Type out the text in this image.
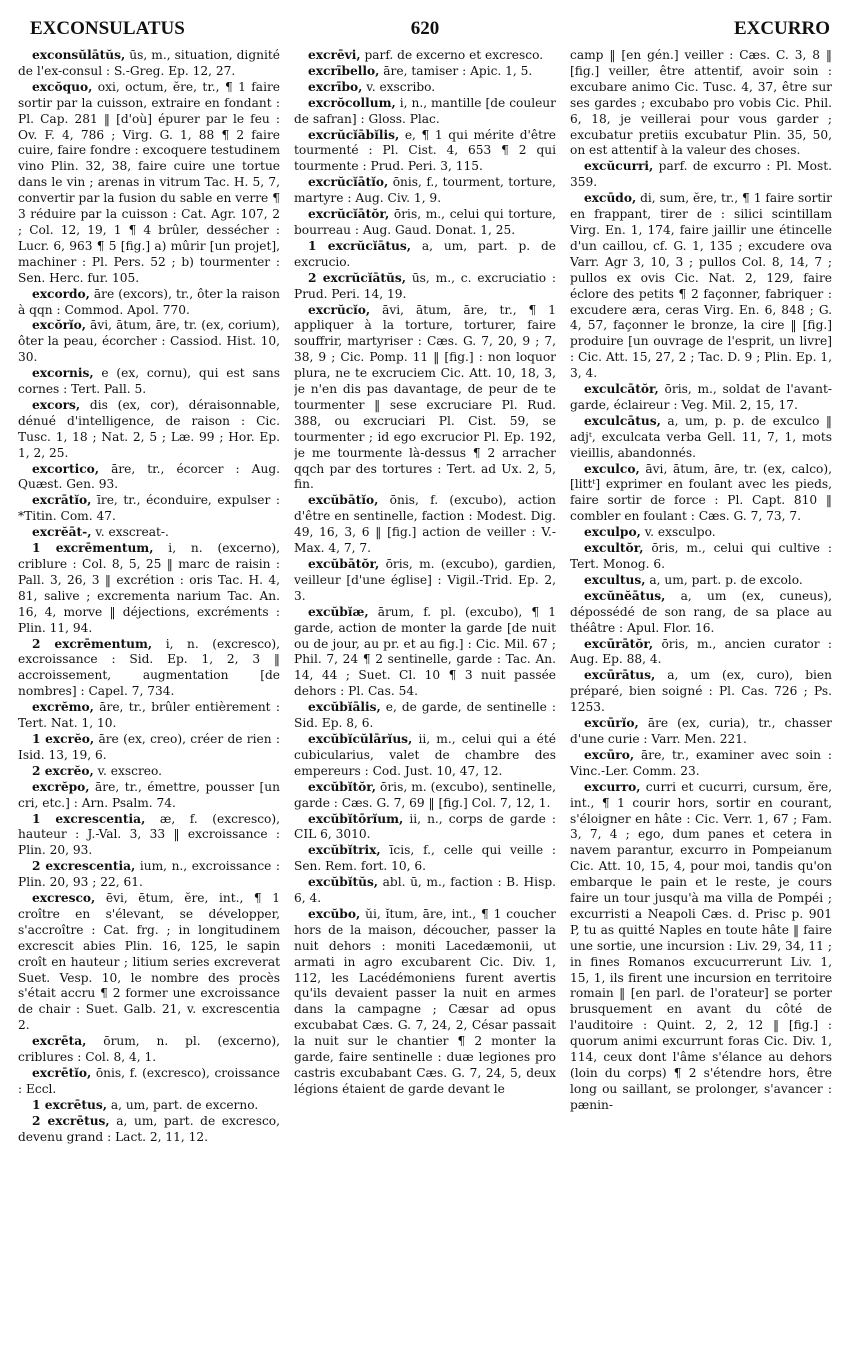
EXCONSULATUS	620	EXCURRO

exconsŭlātŭs, ūs, m., situation, dignité de l'ex-consul : S.-Greg. Ep. 12, 27.

excŏquo, oxi, octum, ĕre, tr., ¶ 1 faire sortir par la cuisson, extraire en fondant : Pl. Cap. 281 ‖ [d'où] épurer par le feu : Ov. F. 4, 786 ; Virg. G. 1, 88 ¶ 2 faire cuire, faire fondre : excoquere testudinem vino Plin. 32, 38, faire cuire une tortue dans le vin ; arenas in vitrum Tac. H. 5, 7, convertir par la fusion du sable en verre ¶ 3 réduire par la cuisson : Cat. Agr. 107, 2 ; Col. 12, 19, 1 ¶ 4 brûler, dessécher : Lucr. 6, 963 ¶ 5 [fig.] a) mûrir [un projet], machiner : Pl. Pers. 52 ; b) tourmenter : Sen. Herc. fur. 105.

excordo, āre (excors), tr., ôter la raison à qqn : Commod. Apol. 770.

excŏrĭo, āvi, ātum, āre, tr. (ex, corium), ôter la peau, écorcher : Cassiod. Hist. 10, 30.

excornis, e (ex, cornu), qui est sans cornes : Tert. Pall. 5.

excors, dis (ex, cor), déraisonnable, dénué d'intelligence, de raison : Cic. Tusc. 1, 18 ; Nat. 2, 5 ; Læ. 99 ; Hor. Ep. 1, 2, 25.

excortico, āre, tr., écorcer : Aug. Quæst. Gen. 93.

excrātĭo, īre, tr., éconduire, expulser : *Titin. Com. 47.

excrĕāt-, v. exscreat-.

1 excrēmentum, i, n. (excerno), criblure : Col. 8, 5, 25 ‖ marc de raisin : Pall. 3, 26, 3 ‖ excrétion : oris Tac. H. 4, 81, salive ; excrementa narium Tac. An. 16, 4, morve ‖ déjections, excréments : Plin. 11, 94.

2 excrēmentum, i, n. (excresco), excroissance : Sid. Ep. 1, 2, 3 ‖ accroissement, augmentation [de nombres] : Capel. 7, 734.

excrĕmo, āre, tr., brûler entièrement : Tert. Nat. 1, 10.

1 excrĕo, āre (ex, creo), créer de rien : Isid. 13, 19, 6.

2 excrĕo, v. exscreo.

excrĕpo, āre, tr., émettre, pousser [un cri, etc.] : Arn. Psalm. 74.

1 excrescentia, æ, f. (excresco), hauteur : J.-Val. 3, 33 ‖ excroissance : Plin. 20, 93.

2 excrescentia, ium, n., excroissance : Plin. 20, 93 ; 22, 61.

excresco, ēvi, ētum, ĕre, int., ¶ 1 croître en s'élevant, se développer, s'accroître : Cat. frg. ; in longitudinem excrescit abies Plin. 16, 125, le sapin croît en hauteur ; litium series excreverat Suet. Vesp. 10, le nombre des procès s'était accru ¶ 2 former une excroissance de chair : Suet. Galb. 21, v. excrescentia 2.

excrēta, ōrum, n. pl. (excerno), criblures : Col. 8, 4, 1.

excrētĭo, ōnis, f. (excresco), croissance : Eccl.

1 excrētus, a, um, part. de excerno.

2 excrētus, a, um, part. de excresco, devenu grand : Lact. 2, 11, 12.

excrēvi, parf. de excerno et excresco.

excrībello, āre, tamiser : Apic. 1, 5.

excrībo, v. exscribo.

excrŏcollum, i, n., mantille [de couleur de safran] : Gloss. Plac.

excrŭcĭābĭlis, e, ¶ 1 qui mérite d'être tourmenté : Pl. Cist. 4, 653 ¶ 2 qui tourmente : Prud. Peri. 3, 115.

excrŭcĭātĭo, ōnis, f., tourment, torture, martyre : Aug. Civ. 1, 9.

excrŭcĭātŏr, ōris, m., celui qui torture, bourreau : Aug. Gaud. Donat. 1, 25.

1 excrŭcĭātus, a, um, part. p. de excrucio.

2 excrŭcĭātŭs, ūs, m., c. excruciatio : Prud. Peri. 14, 19.

excrŭcĭo, āvi, ātum, āre, tr., ¶ 1 appliquer à la torture, torturer, faire souffrir, martyriser : Cæs. G. 7, 20, 9 ; 7, 38, 9 ; Cic. Pomp. 11 ‖ [fig.] : non loquor plura, ne te excruciem Cic. Att. 10, 18, 3, je n'en dis pas davantage, de peur de te tourmenter ‖ sese excruciare Pl. Rud. 388, ou excruciari Pl. Cist. 59, se tourmenter ; id ego excrucior Pl. Ep. 192, je me tourmente là-dessus ¶ 2 arracher qqch par des tortures : Tert. ad Ux. 2, 5, fin.

excŭbātĭo, ōnis, f. (excubo), action d'être en sentinelle, faction : Modest. Dig. 49, 16, 3, 6 ‖ [fig.] action de veiller : V.-Max. 4, 7, 7.

excŭbātŏr, ōris, m. (excubo), gardien, veilleur [d'une église] : Vigil.-Trid. Ep. 2, 3.

excŭbĭæ, ārum, f. pl. (excubo), ¶ 1 garde, action de monter la garde [de nuit ou de jour, au pr. et au fig.] : Cic. Mil. 67 ; Phil. 7, 24 ¶ 2 sentinelle, garde : Tac. An. 14, 44 ; Suet. Cl. 10 ¶ 3 nuit passée dehors : Pl. Cas. 54.

excŭbĭālis, e, de garde, de sentinelle : Sid. Ep. 8, 6.

excŭbĭcŭlārĭus, ii, m., celui qui a été cubicularius, valet de chambre des empereurs : Cod. Just. 10, 47, 12.

excŭbĭtŏr, ōris, m. (excubo), sentinelle, garde : Cæs. G. 7, 69 ‖ [fig.] Col. 7, 12, 1.

excŭbĭtōrĭum, ii, n., corps de garde : CIL 6, 3010.

excŭbĭtrix, īcis, f., celle qui veille : Sen. Rem. fort. 10, 6.

excŭbĭtŭs, abl. ū, m., faction : B. Hisp. 6, 4.

excŭbo, ŭi, ĭtum, āre, int., ¶ 1 coucher hors de la maison, découcher, passer la nuit dehors : moniti Lacedæmonii, ut armati in agro excubarent Cic. Div. 1, 112, les Lacédémoniens furent avertis qu'ils devaient passer la nuit en armes dans la campagne ; Cæsar ad opus excubabat Cæs. G. 7, 24, 2, César passait la nuit sur le chantier ¶ 2 monter la garde, faire sentinelle : duæ legiones pro castris excubabant Cæs. G. 7, 24, 5, deux légions étaient de garde devant le

camp ‖ [en gén.] veiller : Cæs. C. 3, 8 ‖ [fig.] veiller, être attentif, avoir soin : excubare animo Cic. Tusc. 4, 37, être sur ses gardes ; excubabo pro vobis Cic. Phil. 6, 18, je veillerai pour vous garder ; excubatur pretiis excubatur Plin. 35, 50, on est attentif à la valeur des choses.

excŭcurri, parf. de excurro : Pl. Most. 359.

excūdo, di, sum, ĕre, tr., ¶ 1 faire sortir en frappant, tirer de : silici scintillam Virg. En. 1, 174, faire jaillir une étincelle d'un caillou, cf. G. 1, 135 ; excudere ova Varr. Agr 3, 10, 3 ; pullos Col. 8, 14, 7 ; pullos ex ovis Cic. Nat. 2, 129, faire éclore des petits ¶ 2 façonner, fabriquer : excudere æra, ceras Virg. En. 6, 848 ; G. 4, 57, façonner le bronze, la cire ‖ [fig.] produire [un ouvrage de l'esprit, un livre] : Cic. Att. 15, 27, 2 ; Tac. D. 9 ; Plin. Ep. 1, 3, 4.

exculcātŏr, ōris, m., soldat de l'avant-garde, éclaireur : Veg. Mil. 2, 15, 17.

exculcātus, a, um, p. p. de exculco ‖ adjᵗ, exculcata verba Gell. 11, 7, 1, mots vieillis, abandonnés.

exculco, āvi, ātum, āre, tr. (ex, calco), [littᵗ] exprimer en foulant avec les pieds, faire sortir de force : Pl. Capt. 810 ‖ combler en foulant : Cæs. G. 7, 73, 7.

exculpo, v. exsculpo.

excultŏr, ōris, m., celui qui cultive : Tert. Monog. 6.

excultus, a, um, part. p. de excolo.

excŭnĕātus, a, um (ex, cuneus), dépossédé de son rang, de sa place au théâtre : Apul. Flor. 16.

excūrātŏr, ōris, m., ancien curator : Aug. Ep. 88, 4.

excūrātus, a, um (ex, curo), bien préparé, bien soigné : Pl. Cas. 726 ; Ps. 1253.

excūrĭo, āre (ex, curia), tr., chasser d'une curie : Varr. Men. 221.

excūro, āre, tr., examiner avec soin : Vinc.-Ler. Comm. 23.

excurro, curri et cucurri, cursum, ĕre, int., ¶ 1 courir hors, sortir en courant, s'éloigner en hâte : Cic. Verr. 1, 67 ; Fam. 3, 7, 4 ; ego, dum panes et cetera in navem parantur, excurro in Pompeianum Cic. Att. 10, 15, 4, pour moi, tandis qu'on embarque le pain et le reste, je cours faire un tour jusqu'à ma villa de Pompéi ; excurristi a Neapoli Cæs. d. Prisc p. 901 P, tu as quitté Naples en toute hâte ‖ faire une sortie, une incursion : Liv. 29, 34, 11 ; in fines Romanos excucurrerunt Liv. 1, 15, 1, ils firent une incursion en territoire romain ‖ [en parl. de l'orateur] se porter brusquement en avant du côté de l'auditoire : Quint. 2, 2, 12 ‖ [fig.] : quorum animi excurrunt foras Cic. Div. 1, 114, ceux dont l'âme s'élance au dehors (loin du corps) ¶ 2 s'étendre hors, être long ou saillant, se prolonger, s'avancer : pænin-
